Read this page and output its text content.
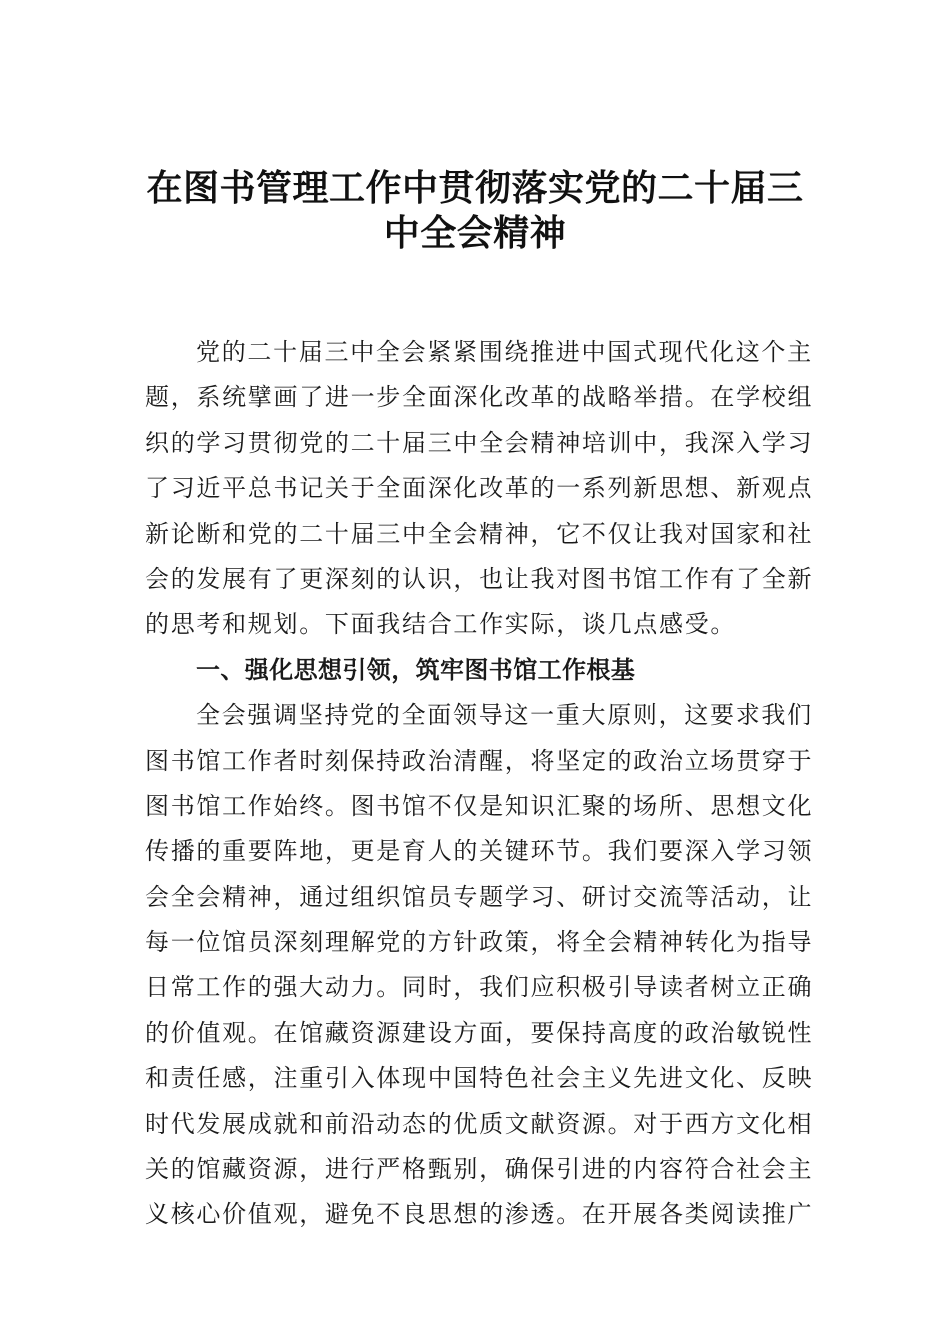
在图书管理工作中贯彻落实党的二十届三
中全会精神
党的二十届三中全会紧紧围绕推进中国式现代化这个主
题，系统擘画了进一步全面深化改革的战略举措。在学校组
织的学习贯彻党的二十届三中全会精神培训中，我深入学习
了习近平总书记关于全面深化改革的一系列新思想、新观点
新论断和党的二十届三中全会精神，它不仅让我对国家和社
会的发展有了更深刻的认识，也让我对图书馆工作有了全新
的思考和规划。下面我结合工作实际，谈几点感受。
一、强化思想引领，筑牢图书馆工作根基
全会强调坚持党的全面领导这一重大原则，这要求我们
图书馆工作者时刻保持政治清醒，将坚定的政治立场贯穿于
图书馆工作始终。图书馆不仅是知识汇聚的场所、思想文化
传播的重要阵地，更是育人的关键环节。我们要深入学习领
会全会精神，通过组织馆员专题学习、研讨交流等活动，让
每一位馆员深刻理解党的方针政策，将全会精神转化为指导
日常工作的强大动力。同时，我们应积极引导读者树立正确
的价值观。在馆藏资源建设方面，要保持高度的政治敏锐性
和责任感，注重引入体现中国特色社会主义先进文化、反映
时代发展成就和前沿动态的优质文献资源。对于西方文化相
关的馆藏资源，进行严格甄别，确保引进的内容符合社会主
义核心价值观，避免不良思想的渗透。在开展各类阅读推广
